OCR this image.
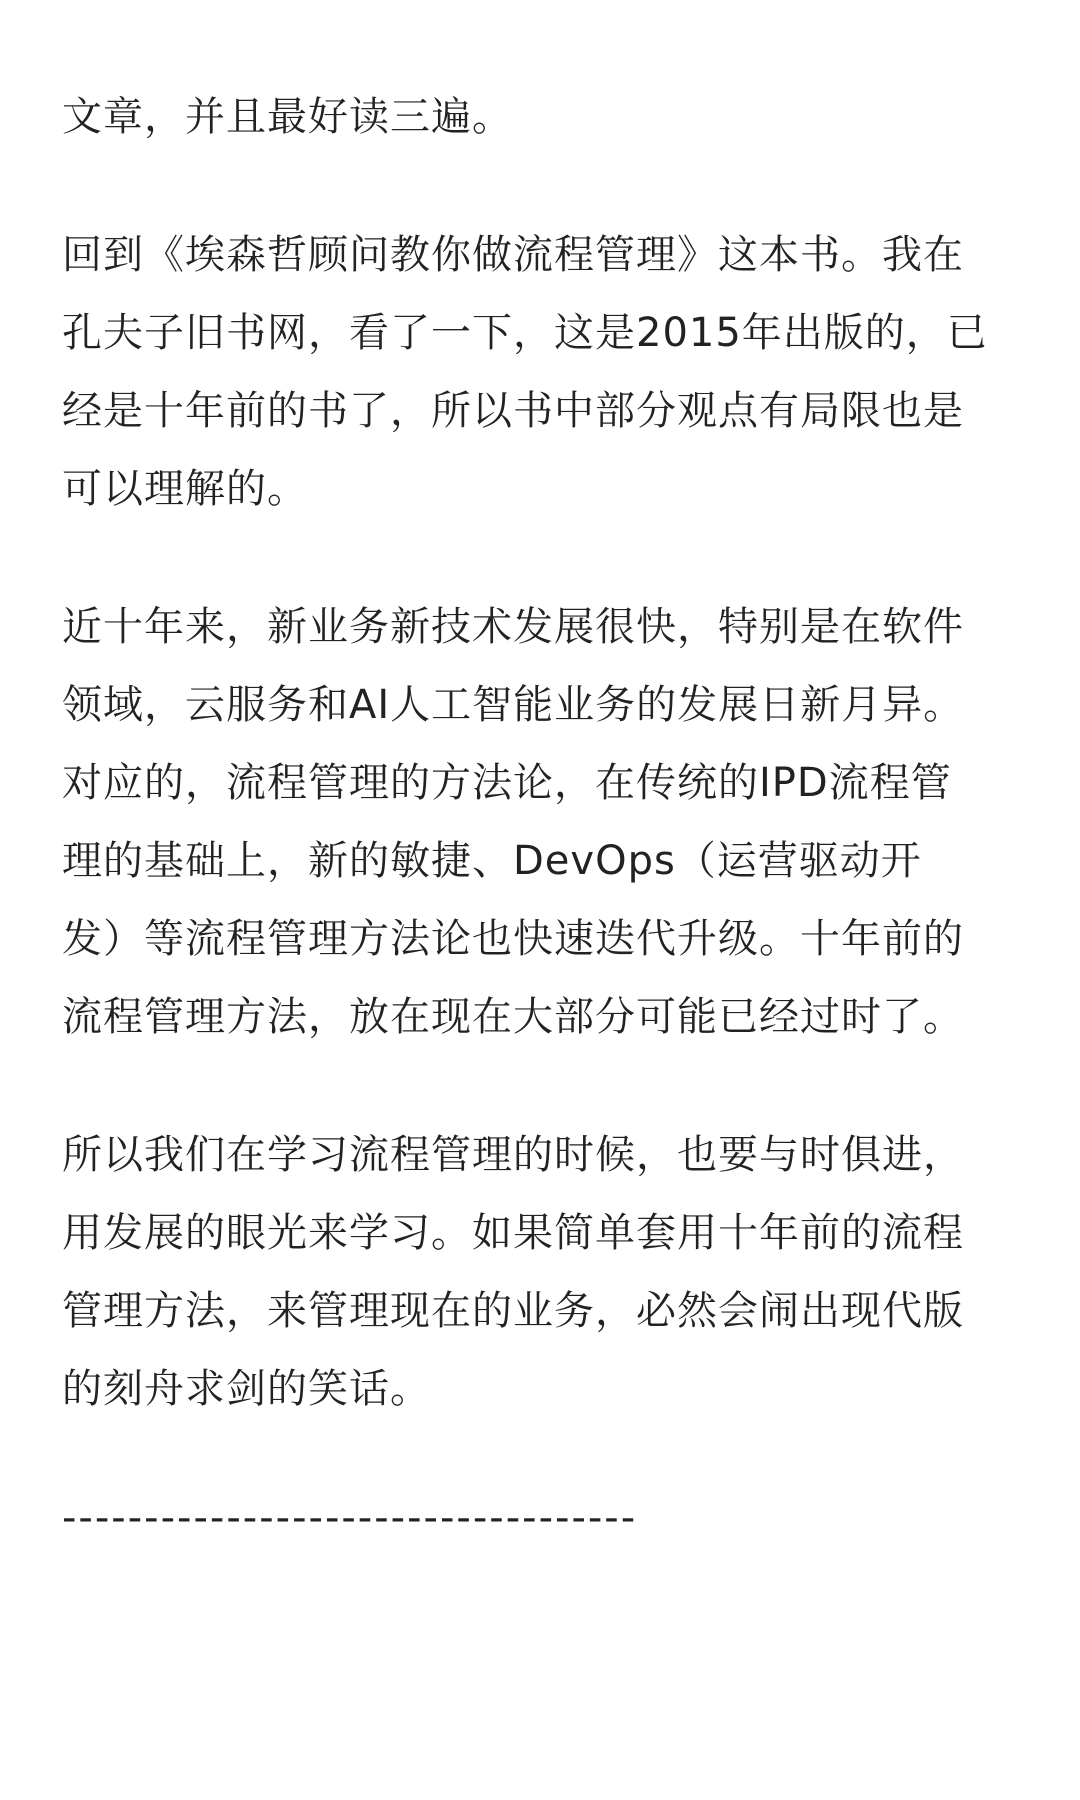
文章，并且最好读三遍。

回到《埃森哲顾问教你做流程管理》这本书。我在
孔夫子旧书网，看了一下，这是2015年出版的，已
经是十年前的书了，所以书中部分观点有局限也是
可以理解的。

近十年来，新业务新技术发展很快，特别是在软件
领域，云服务和AI人工智能业务的发展日新月异。
对应的，流程管理的方法论，在传统的IPD流程管
理的基础上，新的敏捷、DevOps（运营驱动开
发）等流程管理方法论也快速迭代升级。十年前的
流程管理方法，放在现在大部分可能已经过时了。

所以我们在学习流程管理的时候，也要与时俱进，
用发展的眼光来学习。如果简单套用十年前的流程
管理方法，来管理现在的业务，必然会闹出现代版
的刻舟求剑的笑话。

-----------------------------------
